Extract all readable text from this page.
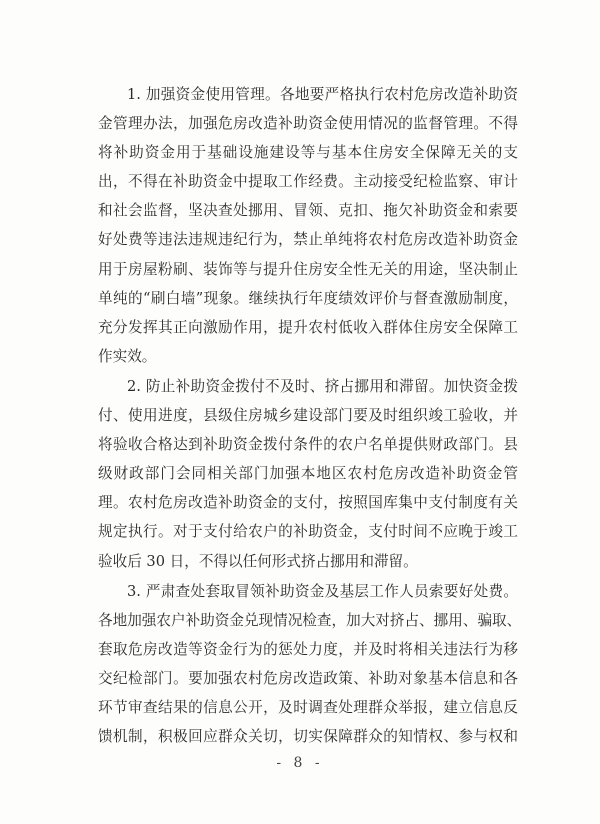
1. 加强资金使用管理。各地要严格执行农村危房改造补助资
金管理办法，加强危房改造补助资金使用情况的监督管理。不得
将补助资金用于基础设施建设等与基本住房安全保障无关的支
出，不得在补助资金中提取工作经费。主动接受纪检监察、审计
和社会监督，坚决查处挪用、冒领、克扣、拖欠补助资金和索要
好处费等违法违规违纪行为，禁止单纯将农村危房改造补助资金
用于房屋粉刷、装饰等与提升住房安全性无关的用途，坚决制止
单纯的“刷白墙”现象。继续执行年度绩效评价与督查激励制度，
充分发挥其正向激励作用，提升农村低收入群体住房安全保障工
作实效。
2. 防止补助资金拨付不及时、挤占挪用和滞留。加快资金拨
付、使用进度，县级住房城乡建设部门要及时组织竣工验收，并
将验收合格达到补助资金拨付条件的农户名单提供财政部门。县
级财政部门会同相关部门加强本地区农村危房改造补助资金管
理。农村危房改造补助资金的支付，按照国库集中支付制度有关
规定执行。对于支付给农户的补助资金，支付时间不应晚于竣工
验收后 30 日，不得以任何形式挤占挪用和滞留。
3. 严肃查处套取冒领补助资金及基层工作人员索要好处费。
各地加强农户补助资金兑现情况检查，加大对挤占、挪用、骗取、
套取危房改造等资金行为的惩处力度，并及时将相关违法行为移
交纪检部门。要加强农村危房改造政策、补助对象基本信息和各
环节审查结果的信息公开，及时调查处理群众举报，建立信息反
馈机制，积极回应群众关切，切实保障群众的知情权、参与权和
- 8 -
